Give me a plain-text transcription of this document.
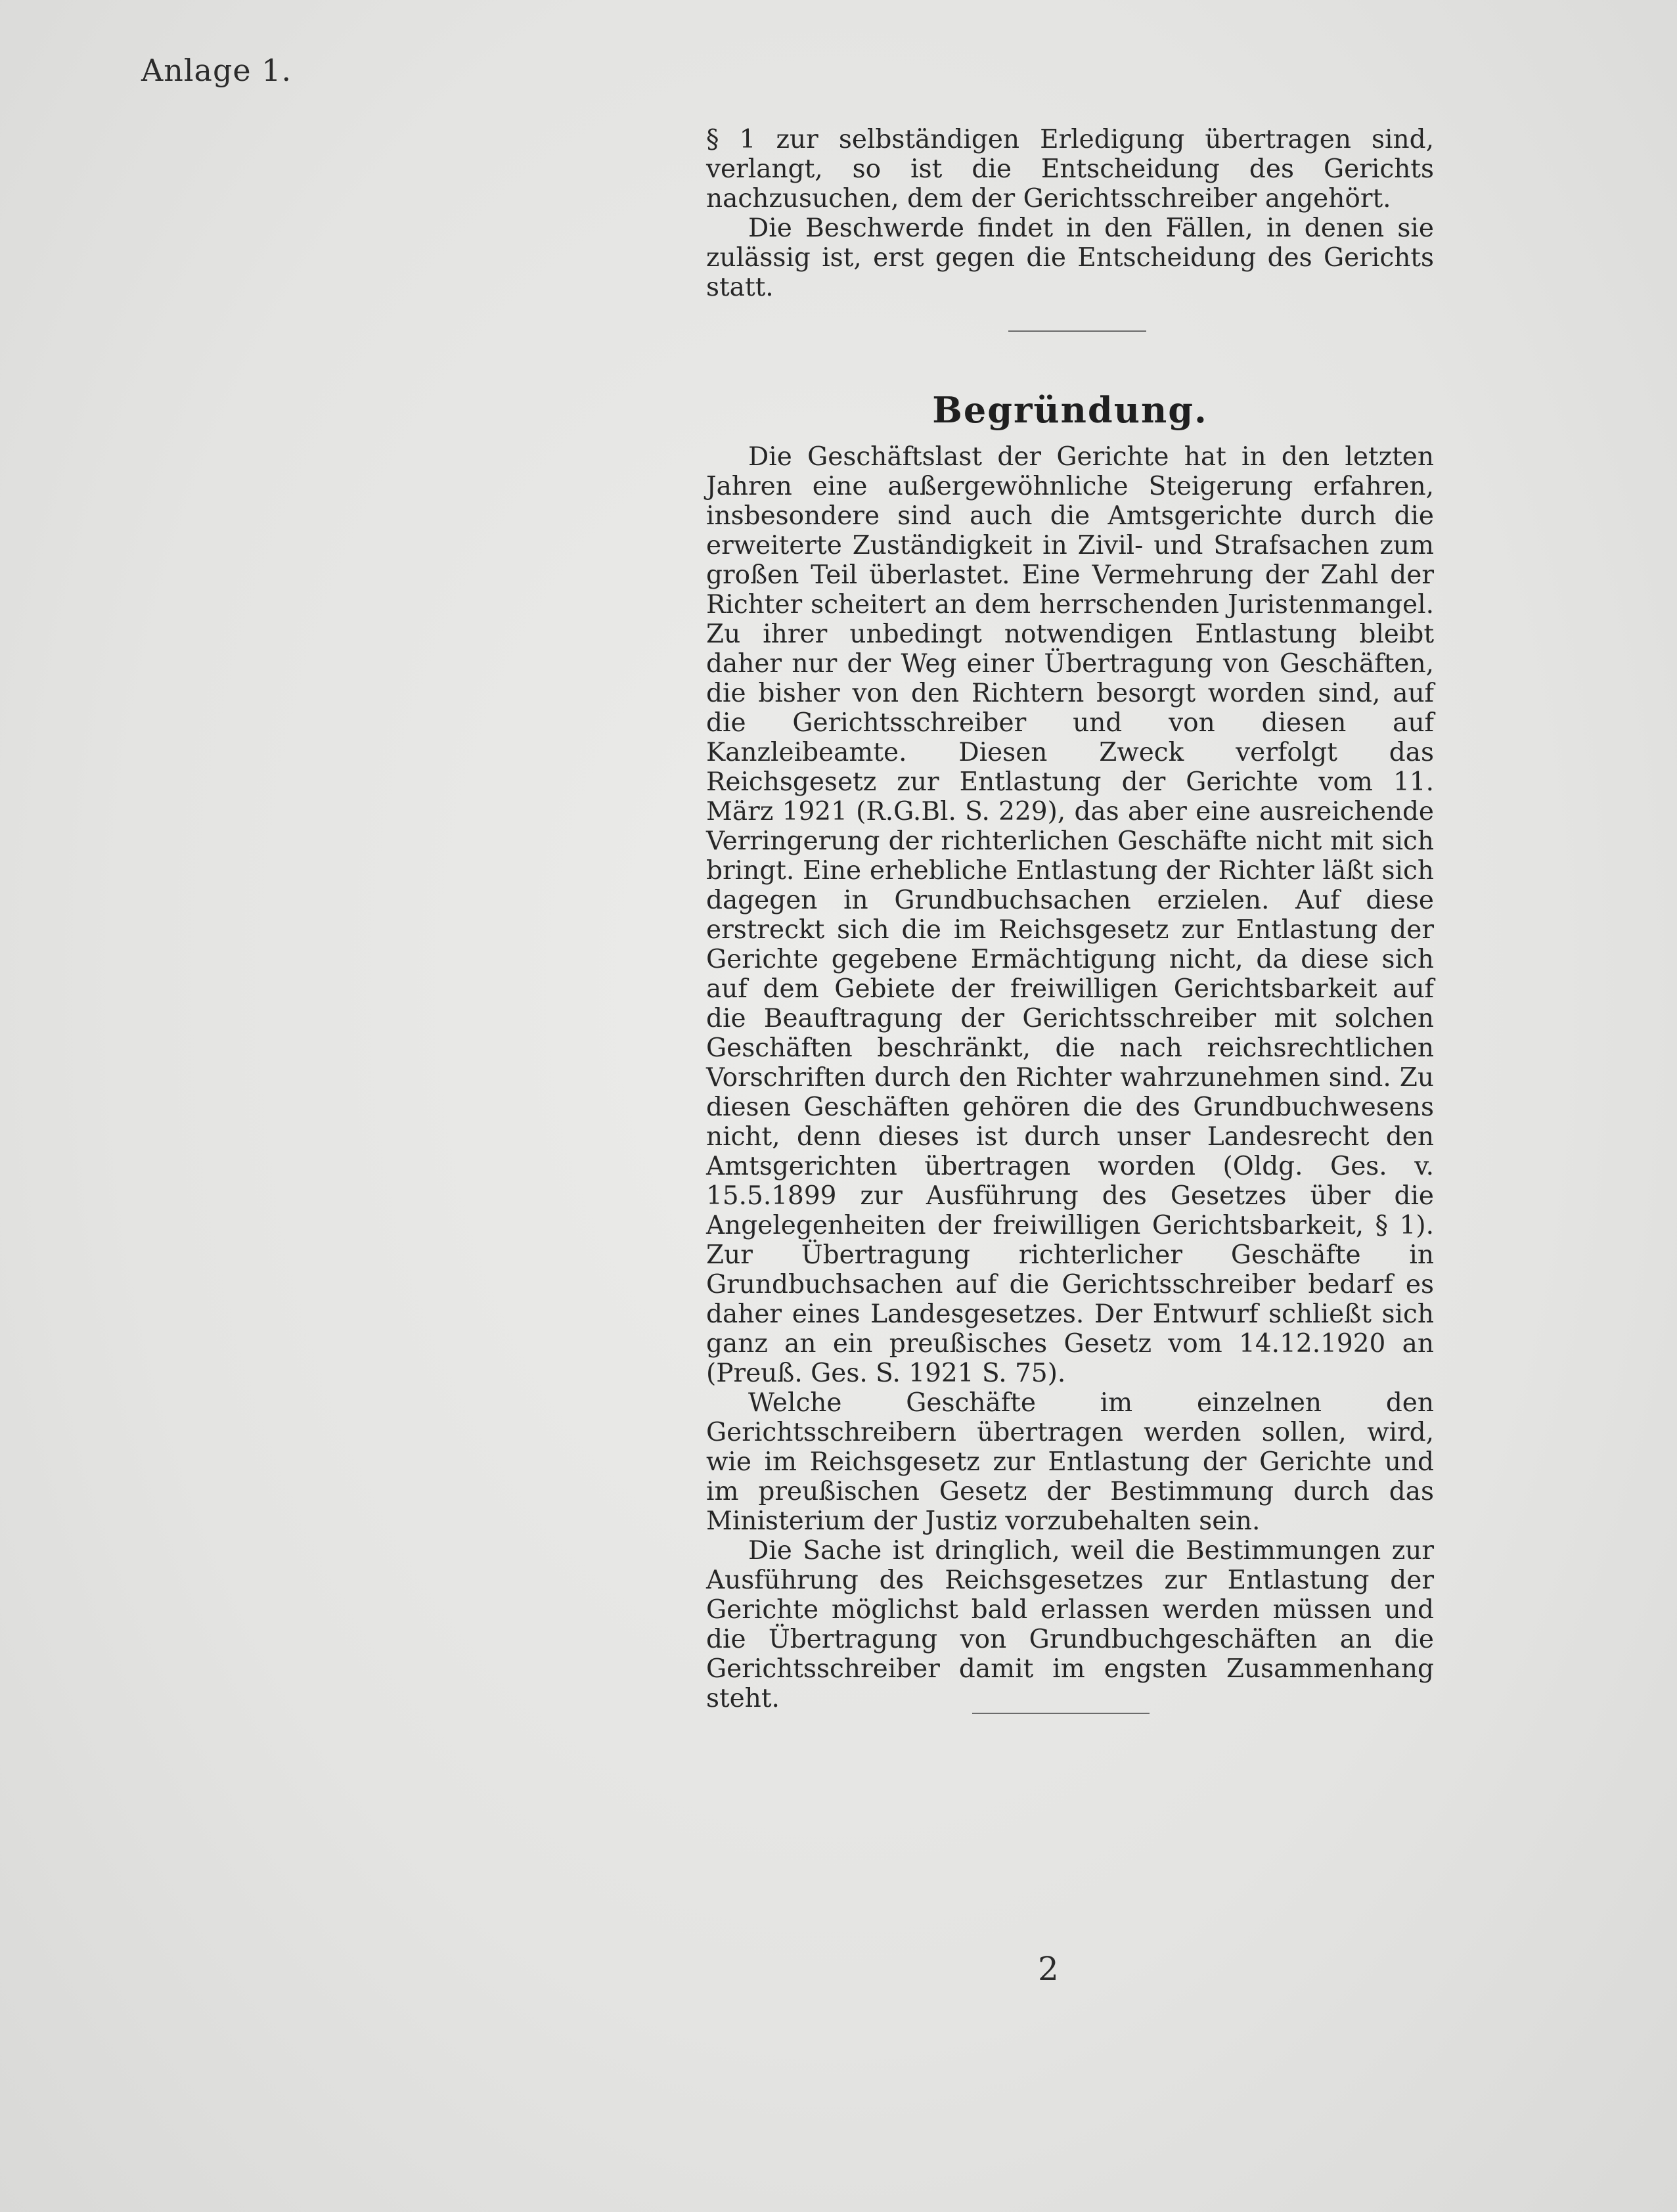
Anlage 1.

§ 1 zur selbständigen Erledigung übertragen sind, verlangt, so ist die Entscheidung des Gerichts nachzusuchen, dem der Gerichtsschreiber angehört.

Die Beschwerde findet in den Fällen, in denen sie zulässig ist, erst gegen die Entscheidung des Gerichts statt.

Begründung.

Die Geschäftslast der Gerichte hat in den letzten Jahren eine außergewöhnliche Steigerung erfahren, insbesondere sind auch die Amtsgerichte durch die erweiterte Zuständigkeit in Zivil- und Strafsachen zum großen Teil überlastet. Eine Vermehrung der Zahl der Richter scheitert an dem herrschenden Juristenmangel. Zu ihrer unbedingt notwendigen Entlastung bleibt daher nur der Weg einer Übertragung von Geschäften, die bisher von den Richtern besorgt worden sind, auf die Gerichtsschreiber und von diesen auf Kanzleibeamte. Diesen Zweck verfolgt das Reichsgesetz zur Entlastung der Gerichte vom 11. März 1921 (R.G.Bl. S. 229), das aber eine ausreichende Verringerung der richterlichen Geschäfte nicht mit sich bringt. Eine erhebliche Entlastung der Richter läßt sich dagegen in Grundbuchsachen erzielen. Auf diese erstreckt sich die im Reichsgesetz zur Entlastung der Gerichte gegebene Ermächtigung nicht, da diese sich auf dem Gebiete der freiwilligen Gerichtsbarkeit auf die Beauftragung der Gerichtsschreiber mit solchen Geschäften beschränkt, die nach reichsrechtlichen Vorschriften durch den Richter wahrzunehmen sind. Zu diesen Geschäften gehören die des Grundbuchwesens nicht, denn dieses ist durch unser Landesrecht den Amtsgerichten übertragen worden (Oldg. Ges. v. 15.5.1899 zur Ausführung des Gesetzes über die Angelegenheiten der freiwilligen Gerichtsbarkeit, § 1). Zur Übertragung richterlicher Geschäfte in Grundbuchsachen auf die Gerichtsschreiber bedarf es daher eines Landesgesetzes. Der Entwurf schließt sich ganz an ein preußisches Gesetz vom 14.12.1920 an (Preuß. Ges. S. 1921 S. 75).

Welche Geschäfte im einzelnen den Gerichtsschreibern übertragen werden sollen, wird, wie im Reichsgesetz zur Entlastung der Gerichte und im preußischen Gesetz der Bestimmung durch das Ministerium der Justiz vorzubehalten sein.

Die Sache ist dringlich, weil die Bestimmungen zur Ausführung des Reichsgesetzes zur Entlastung der Gerichte möglichst bald erlassen werden müssen und die Übertragung von Grundbuchgeschäften an die Gerichtsschreiber damit im engsten Zusammenhang steht.

2
